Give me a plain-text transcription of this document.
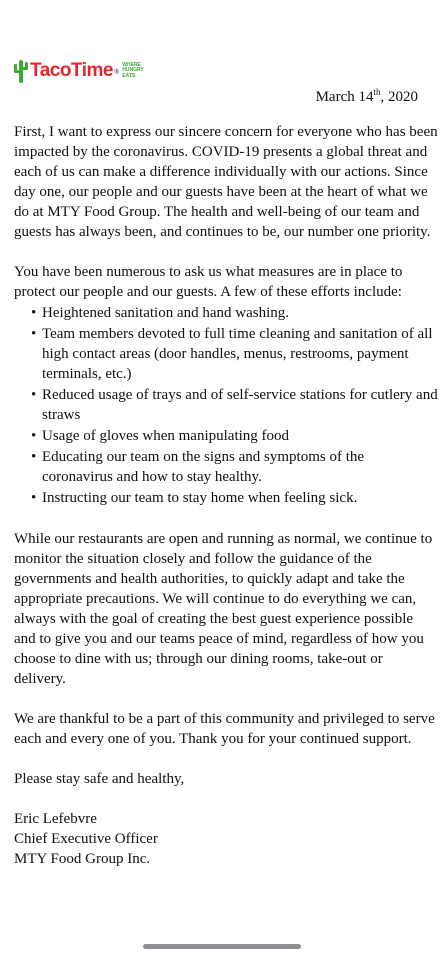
TacoTime ®
WHERE
HUNGRY
EATS
March 14th, 2020

First, I want to express our sincere concern for everyone who has been impacted by the coronavirus. COVID-19 presents a global threat and each of us can make a difference individually with our actions. Since day one, our people and our guests have been at the heart of what we do at MTY Food Group. The health and well-being of our team and guests has always been, and continues to be, our number one priority.

You have been numerous to ask us what measures are in place to protect our people and our guests. A few of these efforts include:

• Heightened sanitation and hand washing.
• Team members devoted to full time cleaning and sanitation of all high contact areas (door handles, menus, restrooms, payment terminals, etc.)
• Reduced usage of trays and of self-service stations for cutlery and straws
• Usage of gloves when manipulating food
• Educating our team on the signs and symptoms of the coronavirus and how to stay healthy.
• Instructing our team to stay home when feeling sick.

While our restaurants are open and running as normal, we continue to monitor the situation closely and follow the guidance of the governments and health authorities, to quickly adapt and take the appropriate precautions. We will continue to do everything we can, always with the goal of creating the best guest experience possible and to give you and our teams peace of mind, regardless of how you choose to dine with us; through our dining rooms, take-out or delivery.

We are thankful to be a part of this community and privileged to serve each and every one of you. Thank you for your continued support.

Please stay safe and healthy,

Eric Lefebvre
Chief Executive Officer
MTY Food Group Inc.
